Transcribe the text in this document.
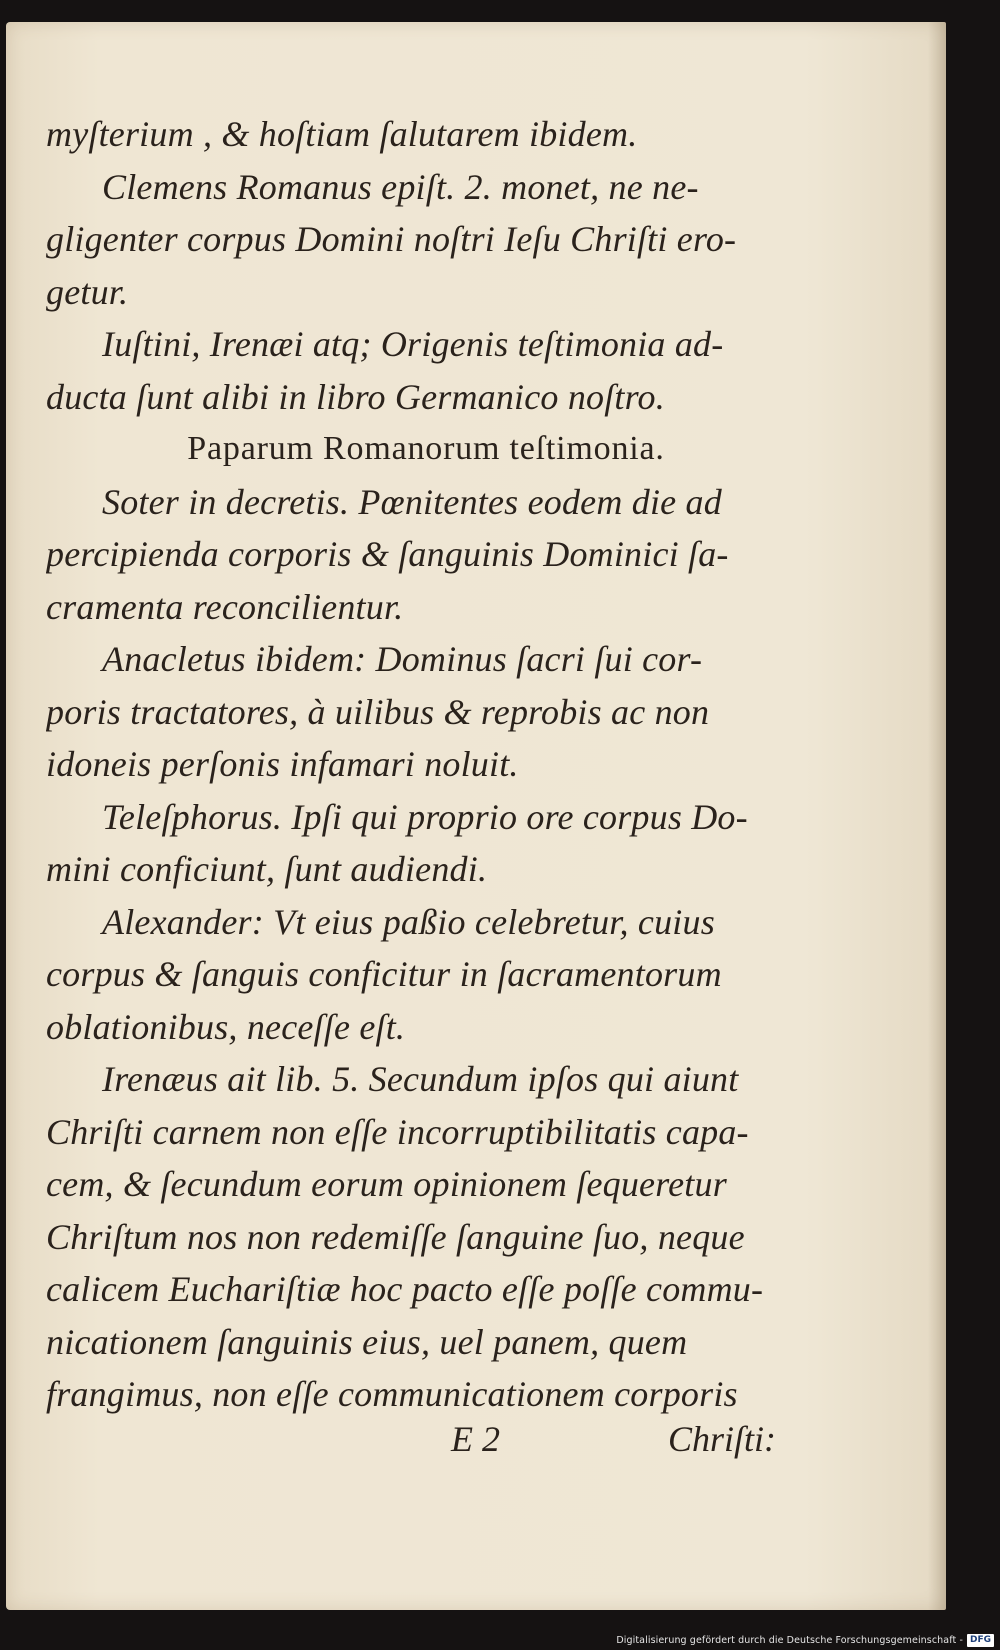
myſterium , & hoſtiam ſalutarem ibidem.
Clemens Romanus epiſt. 2. monet, ne ne-
gligenter corpus Domini noſtri Ieſu Chriſti ero-
getur.
Iuſtini, Irenæi atq; Origenis teſtimonia ad-
ducta ſunt alibi in libro Germanico noſtro.
Paparum Romanorum teſtimonia.
Soter in decretis. Pœnitentes eodem die ad
percipienda corporis & ſanguinis Dominici ſa-
cramenta reconcilientur.
Anacletus ibidem: Dominus ſacri ſui cor-
poris tractatores, à uilibus & reprobis ac non
idoneis perſonis infamari noluit.
Teleſphorus. Ipſi qui proprio ore corpus Do-
mini conficiunt, ſunt audiendi.
Alexander: Vt eius paßio celebretur, cuius
corpus & ſanguis conficitur in ſacramentorum
oblationibus, neceſſe eſt.
Irenæus ait lib. 5. Secundum ipſos qui aiunt
Chriſti carnem non eſſe incorruptibilitatis capa-
cem, & ſecundum eorum opinionem ſequeretur
Chriſtum nos non redemiſſe ſanguine ſuo, neque
calicem Euchariſtiæ hoc pacto eſſe poſſe commu-
nicationem ſanguinis eius, uel panem, quem
frangimus, non eſſe communicationem corporis
E 2	Chriſti:
Digitalisierung gefördert durch die Deutsche Forschungsgemeinschaft - DFG
